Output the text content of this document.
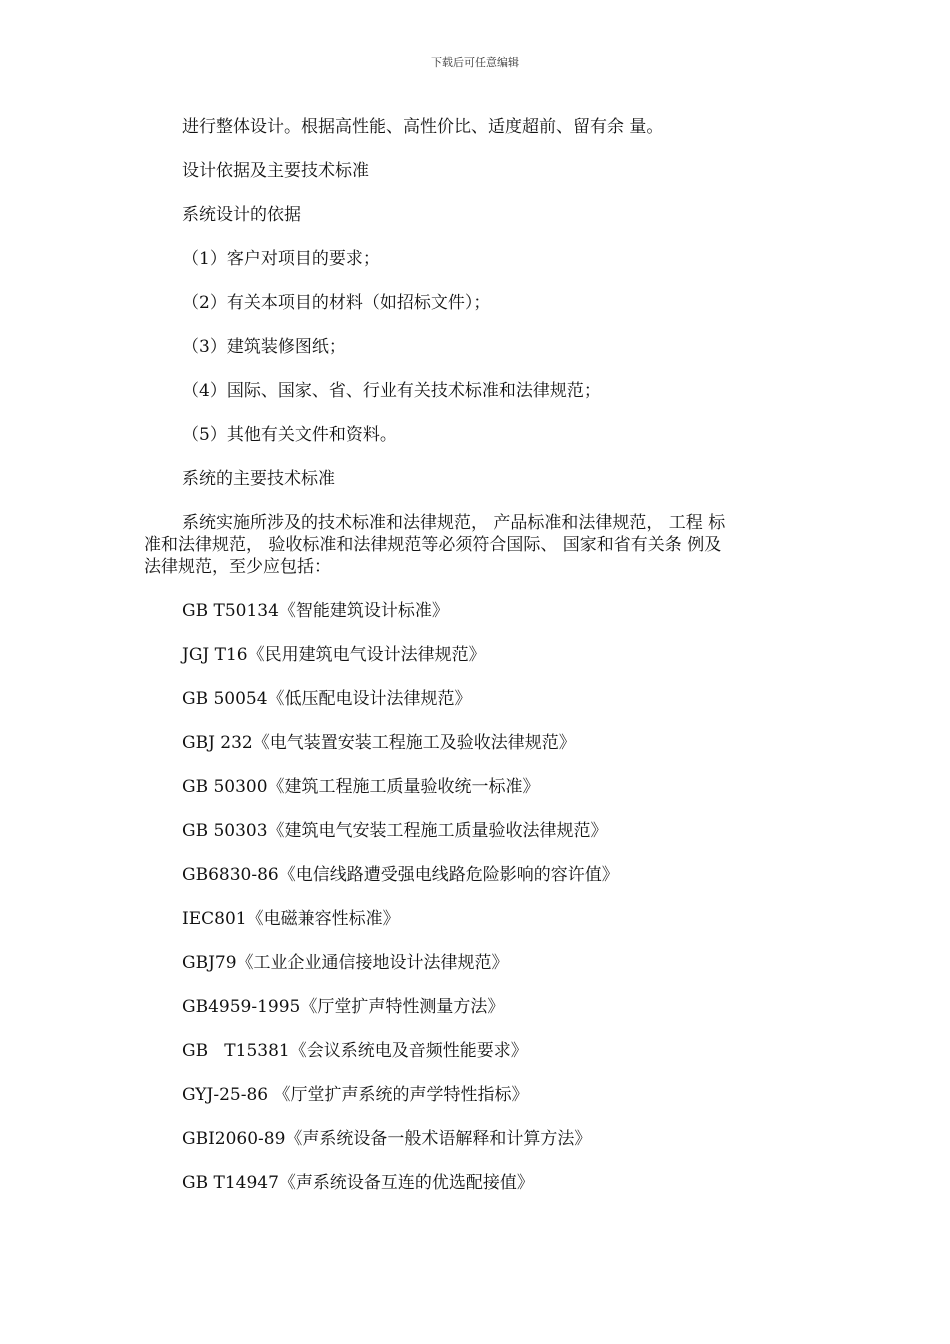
下载后可任意编辑
进行整体设计。根据高性能、高性价比、适度超前、留有余 量。
设计依据及主要技术标准
系统设计的依据
（1）客户对项目的要求；
（2）有关本项目的材料（如招标文件）；
（3）建筑装修图纸；
（4）国际、国家、省、行业有关技术标准和法律规范；
（5）其他有关文件和资料。
系统的主要技术标准
系统实施所涉及的技术标准和法律规范， 产品标准和法律规范， 工程 标
准和法律规范， 验收标准和法律规范等必须符合国际、 国家和省有关条 例及
法律规范，至少应包括：
GB T50134《智能建筑设计标准》
JGJ T16《民用建筑电气设计法律规范》
GB 50054《低压配电设计法律规范》
GBJ 232《电气装置安装工程施工及验收法律规范》
GB 50300《建筑工程施工质量验收统一标准》
GB 50303《建筑电气安装工程施工质量验收法律规范》
GB6830-86《电信线路遭受强电线路危险影响的容许值》
IEC801《电磁兼容性标准》
GBJ79《工业企业通信接地设计法律规范》
GB4959-1995《厅堂扩声特性测量方法》
GB   T15381《会议系统电及音频性能要求》
GYJ-25-86 《厅堂扩声系统的声学特性指标》
GBI2060-89《声系统设备一般术语解释和计算方法》
GB T14947《声系统设备互连的优选配接值》
